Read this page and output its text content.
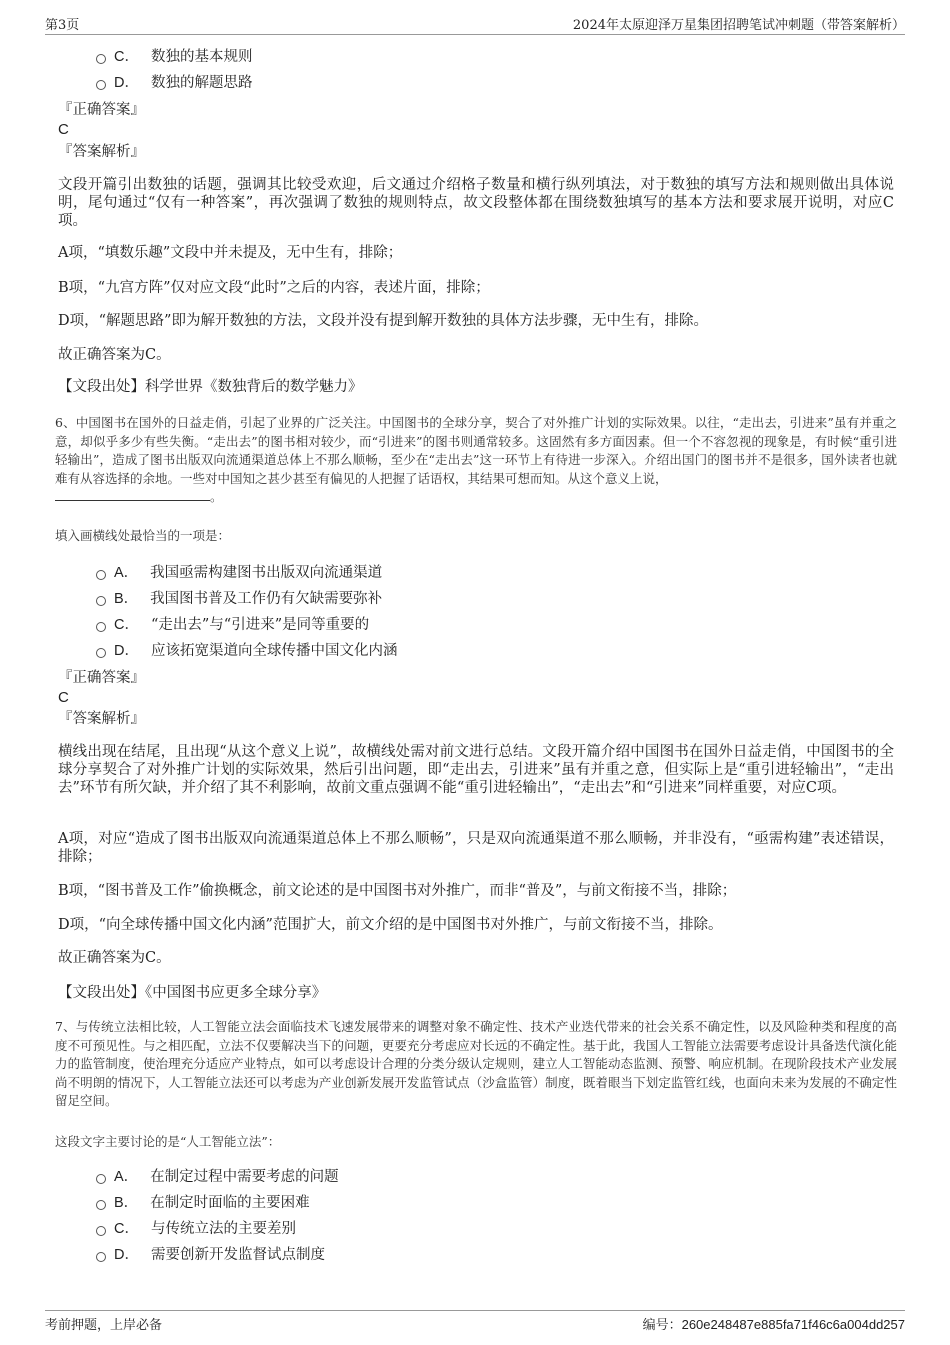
第3页	2024年太原迎泽万星集团招聘笔试冲刺题（带答案解析）
C． 数独的基本规则
D． 数独的解题思路
『正确答案』
C
『答案解析』
文段开篇引出数独的话题，强调其比较受欢迎，后文通过介绍格子数量和横行纵列填法，对于数独的填写方法和规则做出具体说明，尾句通过“仅有一种答案”，再次强调了数独的规则特点，故文段整体都在围绕数独填写的基本方法和要求展开说明，对应C项。
A项，“填数乐趣”文段中并未提及，无中生有，排除；
B项，“九宫方阵”仅对应文段“此时”之后的内容，表述片面，排除；
D项，“解题思路”即为解开数独的方法，文段并没有提到解开数独的具体方法步骤，无中生有，排除。
故正确答案为C。
【文段出处】科学世界《数独背后的数学魅力》
6、中国图书在国外的日益走俏，引起了业界的广泛关注。中国图书的全球分享，契合了对外推广计划的实际效果。以往，“走出去，引进来”虽有并重之意，却似乎多少有些失衡。“走出去”的图书相对较少，而“引进来”的图书则通常较多。这固然有多方面因素。但一个不容忽视的现象是，有时候“重引进轻输出”，造成了图书出版双向流通渠道总体上不那么顺畅，至少在“走出去”这一环节上有待进一步深入。介绍出国门的图书并不是很多，国外读者也就难有从容选择的余地。一些对中国知之甚少甚至有偏见的人把握了话语权，其结果可想而知。从这个意义上说，
。
填入画横线处最恰当的一项是：
A． 我国亟需构建图书出版双向流通渠道
B． 我国图书普及工作仍有欠缺需要弥补
C． “走出去”与“引进来”是同等重要的
D． 应该拓宽渠道向全球传播中国文化内涵
『正确答案』
C
『答案解析』
横线出现在结尾，且出现“从这个意义上说”，故横线处需对前文进行总结。文段开篇介绍中国图书在国外日益走俏，中国图书的全球分享契合了对外推广计划的实际效果，然后引出问题，即“走出去，引进来”虽有并重之意，但实际上是“重引进轻输出”，“走出去”环节有所欠缺，并介绍了其不利影响，故前文重点强调不能“重引进轻输出”，“走出去”和“引进来”同样重要，对应C项。
A项，对应“造成了图书出版双向流通渠道总体上不那么顺畅”，只是双向流通渠道不那么顺畅，并非没有，“亟需构建”表述错误，排除；
B项，“图书普及工作”偷换概念，前文论述的是中国图书对外推广，而非“普及”，与前文衔接不当，排除；
D项，“向全球传播中国文化内涵”范围扩大，前文介绍的是中国图书对外推广，与前文衔接不当，排除。
故正确答案为C。
【文段出处】《中国图书应更多全球分享》
7、与传统立法相比较，人工智能立法会面临技术飞速发展带来的调整对象不确定性、技术产业迭代带来的社会关系不确定性，以及风险种类和程度的高度不可预见性。与之相匹配，立法不仅要解决当下的问题，更要充分考虑应对长远的不确定性。基于此，我国人工智能立法需要考虑设计具备迭代演化能力的监管制度，使治理充分适应产业特点，如可以考虑设计合理的分类分级认定规则，建立人工智能动态监测、预警、响应机制。在现阶段技术产业发展尚不明朗的情况下，人工智能立法还可以考虑为产业创新发展开发监管试点（沙盒监管）制度，既着眼当下划定监管红线，也面向未来为发展的不确定性留足空间。
这段文字主要讨论的是“人工智能立法”：
A． 在制定过程中需要考虑的问题
B． 在制定时面临的主要困难
C． 与传统立法的主要差别
D． 需要创新开发监督试点制度
考前押题，上岸必备	编号：260e248487e885fa71f46c6a004dd257
